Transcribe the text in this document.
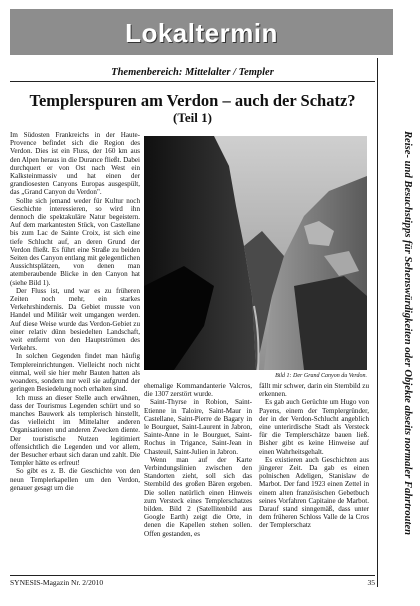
Lokaltermin
Themenbereich: Mittelalter / Templer
Templerspuren am Verdon – auch der Schatz?
(Teil 1)

Im Südosten Frankreichs in der Haute-Provence befindet sich die Region des Verdon. Dies ist ein Fluss, der 160 km aus den Alpen heraus in die Durance fließt. Dabei durchquert er von Ost nach West ein Kalksteinmassiv und hat einen der grandiosesten Canyons Europas ausgespült, das „Grand Canyon du Verdon".

Sollte sich jemand weder für Kultur noch Geschichte interessieren, so wird ihn dennoch die spektakuläre Natur begeistern. Auf dem markantesten Stück, von Castellane bis zum Lac de Sainte Croix, ist sich eine tiefe Schlucht auf, an deren Grund der Verdon fließt. Es führt eine Straße zu beiden Seiten des Canyon entlang mit gelegentlichen Aussichtsplätzen, von denen man atemberaubende Blicke in den Canyon hat (siehe Bild 1).

Der Fluss ist, und war es zu früheren Zeiten noch mehr, ein starkes Verkehrshindernis. Da Gebiet musste von Handel und Militär weit umgangen werden. Auf diese Weise wurde das Verdon-Gebiet zu einer relativ dünn besiedelten Landschaft, weit entfernt von den Hauptströmen des Verkehrs.

In solchen Gegenden findet man häufig Templereinrichtungen. Vielleicht noch nicht einmal, weil sie hier mehr Bauten hatten als woanders, sondern nur weil sie aufgrund der geringen Besiedelung noch erhalten sind.

Ich muss an dieser Stelle auch erwähnen, dass der Tourismus Legenden schürt und so manches Bauwerk als templerisch hinstellt, das vielleicht im Mittelalter anderen Organisationen und anderen Zwecken diente. Der touristische Nutzen legitimiert offensichtlich die Legenden und vor allem, der Besucher erbaut sich daran und zahlt. Die Templer hätte es erfreut!

So gibt es z. B. die Geschichte von den neun Templerkapellen um den Verdon, genauer gesagt um die

Bild 1: Der Grand Canyon du Verdon.

ehemalige Kommandanterie Valcros, die 1307 zerstört wurde.

Saint-Thyrse in Robion, Saint-Etienne in Taloire, Saint-Maur in Castellane, Saint-Pierre de Bagary in le Bourguet, Saint-Laurent in Jabron, Sainte-Anne in le Bourguet, Saint-Rochus in Trigance, Saint-Jean in Chasteuil, Saint-Julien in Jabron.

Wenn man auf der Karte Verbindungslinien zwischen den Standorten zieht, soll sich das Sternbild des großen Bären ergeben. Die sollen natürlich einen Hinweis zum Versteck eines Templerschatzes bilden. Bild 2 (Satellitenbild aus Google Earth) zeigt die Orte, in denen die Kapellen stehen sollen. Offen gestanden, es

fällt mir schwer, darin ein Sternbild zu erkennen.

Es gab auch Gerüchte um Hugo von Payens, einem der Templergründer, der in der Verdon-Schlucht angeblich eine unterirdische Stadt als Versteck für die Templerschätze bauen ließ. Bisher gibt es keine Hinweise auf einen Wahrheitsgehalt.

Es existieren auch Geschichten aus jüngerer Zeit. Da gab es einen polnischen Adeligen, Stanislaw de Marbot. Der fand 1923 einen Zettel in einem alten französischen Gebetbuch seines Vorfahren Capitaine de Marbot. Darauf stand sinngemäß, dass unter dem früheren Schloss Valle de la Cros der Templerschatz	Reise- und Besuchstipps für Sehenswürdigkeiten oder Objekte abseits normaler Fahrtrouten
SYNESIS-Magazin Nr. 2/2010	35
